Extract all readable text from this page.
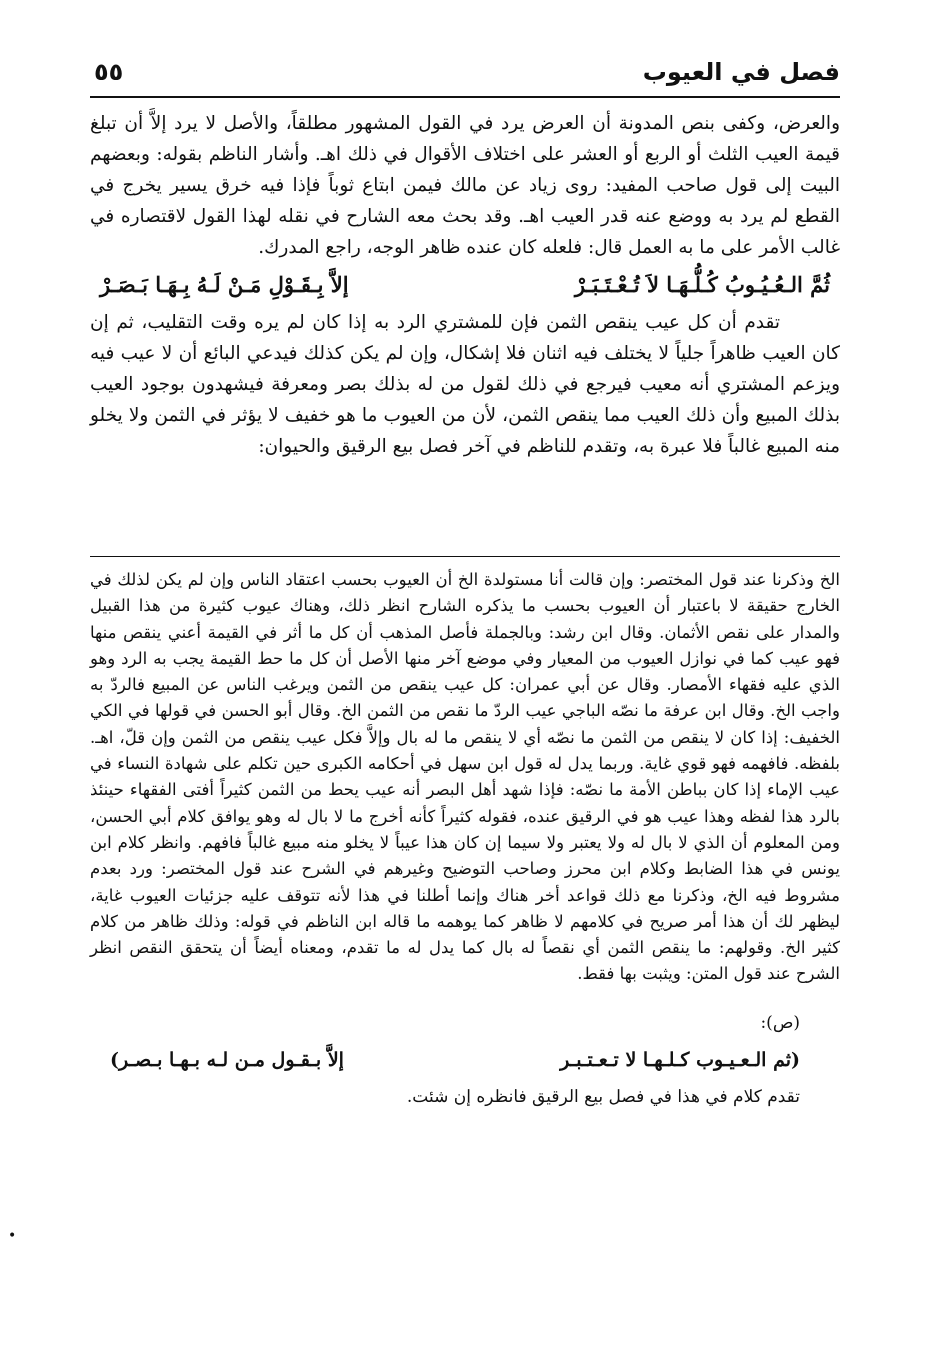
فصل في العيوب
٥٥

والعرض، وكفى بنص المدونة أن العرض يرد في القول المشهور مطلقاً، والأصل لا يرد إلاَّ أن تبلغ قيمة العيب الثلث أو الربع أو العشر على اختلاف الأقوال في ذلك اهـ. وأشار الناظم بقوله: وبعضهم البيت إلى قول صاحب المفيد: روى زياد عن مالك فيمن ابتاع ثوباً فإذا فيه خرق يسير يخرج في القطع لم يرد به ووضع عنه قدر العيب اهـ. وقد بحث معه الشارح في نقله لهذا القول لاقتصاره في غالب الأمر على ما به العمل قال: فلعله كان عنده ظاهر الوجه، راجع المدرك.

ثُمَّ الـعُـيُـوبُ كُـلُّـهَـا لاَ تُـعْـتَـبَـرْ
إلاَّ بِـقَـوْلِ مَـنْ لَـهُ بِـهَـا بَـصَـرْ

تقدم أن كل عيب ينقص الثمن فإن للمشتري الرد به إذا كان لم يره وقت التقليب، ثم إن كان العيب ظاهراً جلياً لا يختلف فيه اثنان فلا إشكال، وإن لم يكن كذلك فيدعي البائع أن لا عيب فيه ويزعم المشتري أنه معيب فيرجع في ذلك لقول من له بذلك بصر ومعرفة فيشهدون بوجود العيب بذلك المبيع وأن ذلك العيب مما ينقص الثمن، لأن من العيوب ما هو خفيف لا يؤثر في الثمن ولا يخلو منه المبيع غالباً فلا عبرة به، وتقدم للناظم في آخر فصل بيع الرقيق والحيوان:

الخ وذكرنا عند قول المختصر: وإن قالت أنا مستولدة الخ أن العيوب بحسب اعتقاد الناس وإن لم يكن لذلك في الخارج حقيقة لا باعتبار أن العيوب بحسب ما يذكره الشارح انظر ذلك، وهناك عيوب كثيرة من هذا القبيل والمدار على نقص الأثمان. وقال ابن رشد: وبالجملة فأصل المذهب أن كل ما أثر في القيمة أعني ينقص منها فهو عيب كما في نوازل العيوب من المعيار وفي موضع آخر منها الأصل أن كل ما حط القيمة يجب به الرد وهو الذي عليه فقهاء الأمصار. وقال عن أبي عمران: كل عيب ينقص من الثمن ويرغب الناس عن المبيع فالردّ به واجب الخ. وقال ابن عرفة ما نصّه الباجي عيب الردّ ما نقص من الثمن الخ. وقال أبو الحسن في قولها في الكي الخفيف: إذا كان لا ينقص من الثمن ما نصّه أي لا ينقص ما له بال وإلاَّ فكل عيب ينقص من الثمن وإن قلّ، اهـ. بلفظه. فافهمه فهو قوي غاية. وربما يدل له قول ابن سهل في أحكامه الكبرى حين تكلم على شهادة النساء في عيب الإماء إذا كان بباطن الأمة ما نصّه: فإذا شهد أهل البصر أنه عيب يحط من الثمن كثيراً أفتى الفقهاء حينئذ بالرد هذا لفظه وهذا عيب هو في الرقيق عنده، فقوله كثيراً كأنه أخرج ما لا بال له وهو يوافق كلام أبي الحسن، ومن المعلوم أن الذي لا بال له ولا يعتبر ولا سيما إن كان هذا عيباً لا يخلو منه مبيع غالباً فافهم. وانظر كلام ابن يونس في هذا الضابط وكلام ابن محرز وصاحب التوضيح وغيرهم في الشرح عند قول المختصر: ورد بعدم مشروط فيه الخ، وذكرنا مع ذلك قواعد أخر هناك وإنما أطلنا في هذا لأنه تتوقف عليه جزئيات العيوب غاية، ليظهر لك أن هذا أمر صريح في كلامهم لا ظاهر كما يوهمه ما قاله ابن الناظم في قوله: وذلك ظاهر من كلام كثير الخ. وقولهم: ما ينقص الثمن أي نقصاً له بال كما يدل له ما تقدم، ومعناه أيضاً أن يتحقق النقص انظر الشرح عند قول المتن: ويثبت بها فقط.

(ص):

(ثم الـعـيـوب كـلـهـا لا تـعـتـبـر
إلاَّ بـقـول مـن لـه بـهـا بـصـر)

تقدم كلام في هذا في فصل بيع الرقيق فانظره إن شئت.

•
